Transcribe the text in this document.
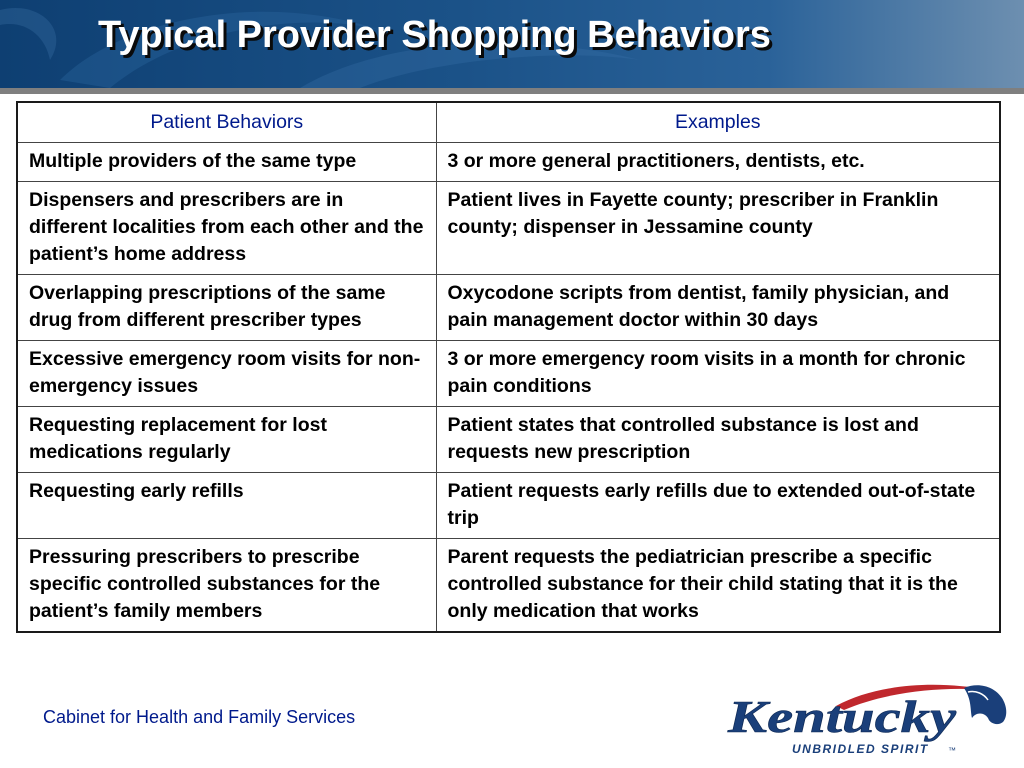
Typical Provider Shopping Behaviors
Patient Behaviors	Examples
Multiple providers of the same type	3 or more general practitioners, dentists, etc.
Dispensers and prescribers are in different localities from each other and the patient’s home address	Patient lives in Fayette county; prescriber in Franklin county; dispenser in Jessamine county
Overlapping prescriptions of the same drug from different prescriber types	Oxycodone scripts from dentist, family physician, and pain management doctor within 30 days
Excessive emergency room visits for non-emergency issues	3 or more emergency room visits in a month for chronic pain conditions
Requesting replacement for lost medications regularly	Patient states that controlled substance is lost and requests new prescription
Requesting early refills	Patient requests early refills due to extended out-of-state trip
Pressuring prescribers to prescribe specific controlled substances for the patient’s family members	Parent requests the pediatrician prescribe a specific controlled substance for their child stating that it is the only medication that works
Cabinet for Health and Family Services	Kentucky
UNBRIDLED SPIRIT ™
